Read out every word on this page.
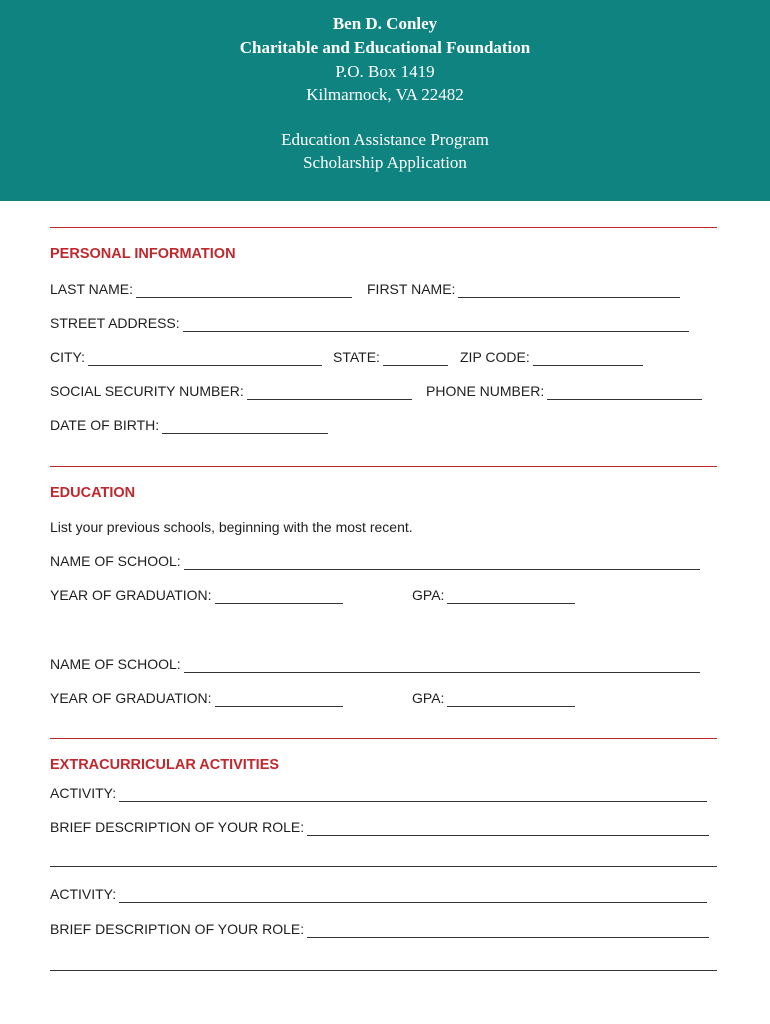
Ben D. Conley
Charitable and Educational Foundation
P.O. Box 1419
Kilmarnock, VA 22482
Education Assistance Program
Scholarship Application
PERSONAL INFORMATION
LAST NAME:	FIRST NAME:
STREET ADDRESS:
CITY:	STATE:	ZIP CODE:
SOCIAL SECURITY NUMBER:	PHONE NUMBER:
DATE OF BIRTH:
EDUCATION
List your previous schools, beginning with the most recent.
NAME OF SCHOOL:
YEAR OF GRADUATION:	GPA:
NAME OF SCHOOL:
YEAR OF GRADUATION:	GPA:
EXTRACURRICULAR ACTIVITIES
ACTIVITY:
BRIEF DESCRIPTION OF YOUR ROLE:
ACTIVITY:
BRIEF DESCRIPTION OF YOUR ROLE:
